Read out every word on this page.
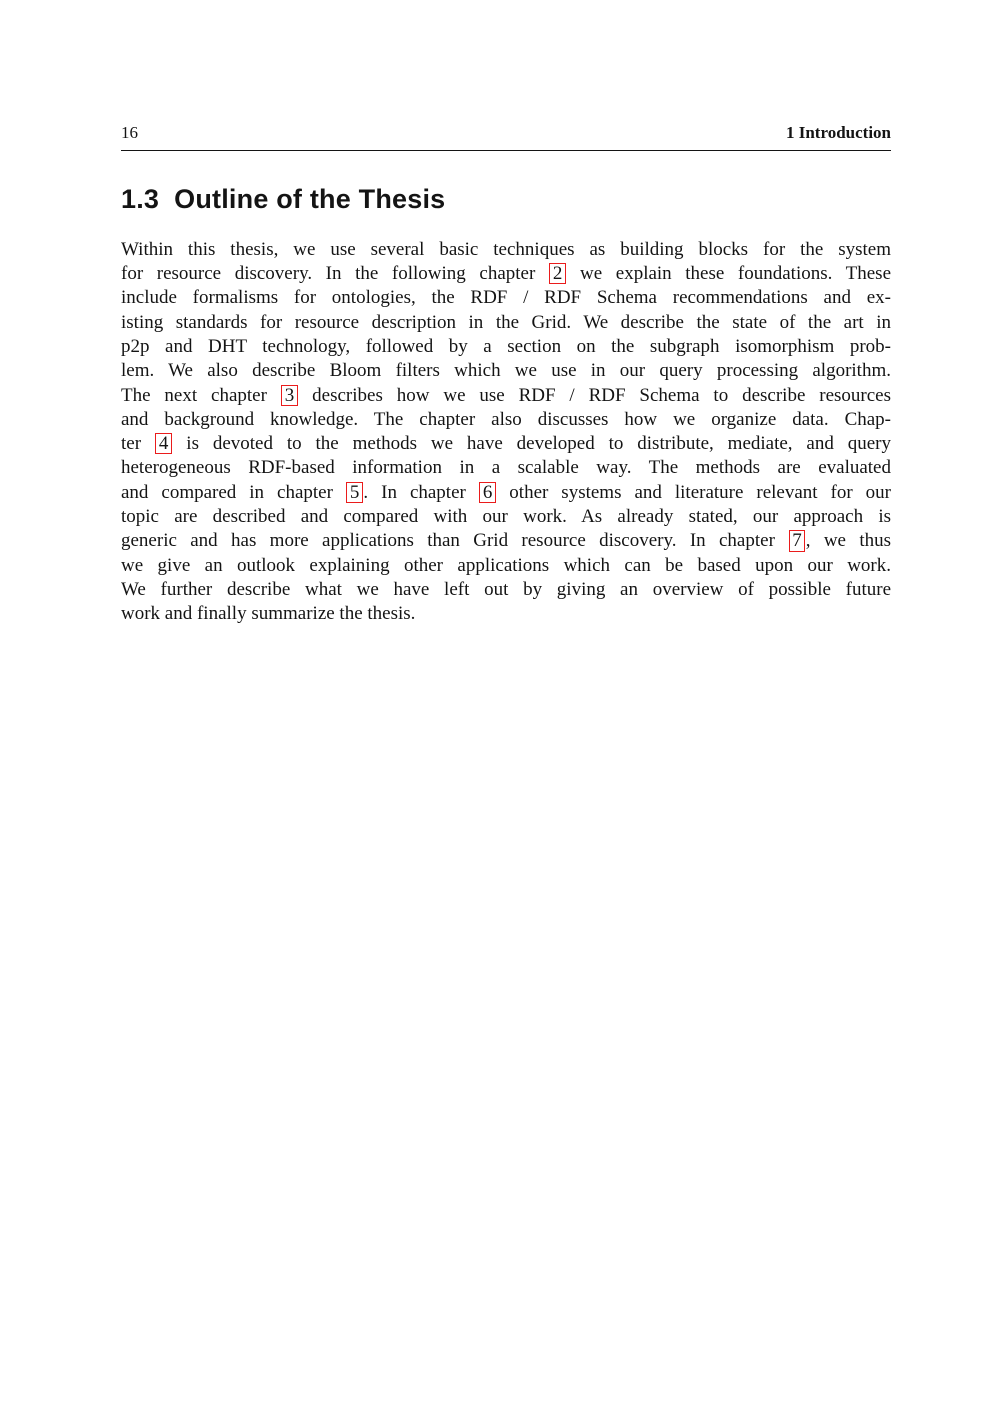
16	1 Introduction
1.3 Outline of the Thesis
Within this thesis, we use several basic techniques as building blocks for the system
for resource discovery. In the following chapter 2 we explain these foundations. These
include formalisms for ontologies, the RDF / RDF Schema recommendations and ex-
isting standards for resource description in the Grid. We describe the state of the art in
p2p and DHT technology, followed by a section on the subgraph isomorphism prob-
lem. We also describe Bloom filters which we use in our query processing algorithm.
The next chapter 3 describes how we use RDF / RDF Schema to describe resources
and background knowledge. The chapter also discusses how we organize data. Chap-
ter 4 is devoted to the methods we have developed to distribute, mediate, and query
heterogeneous RDF-based information in a scalable way. The methods are evaluated
and compared in chapter 5 . In chapter 6 other systems and literature relevant for our
topic are described and compared with our work. As already stated, our approach is
generic and has more applications than Grid resource discovery. In chapter 7 , we thus
we give an outlook explaining other applications which can be based upon our work.
We further describe what we have left out by giving an overview of possible future
work and finally summarize the thesis.
